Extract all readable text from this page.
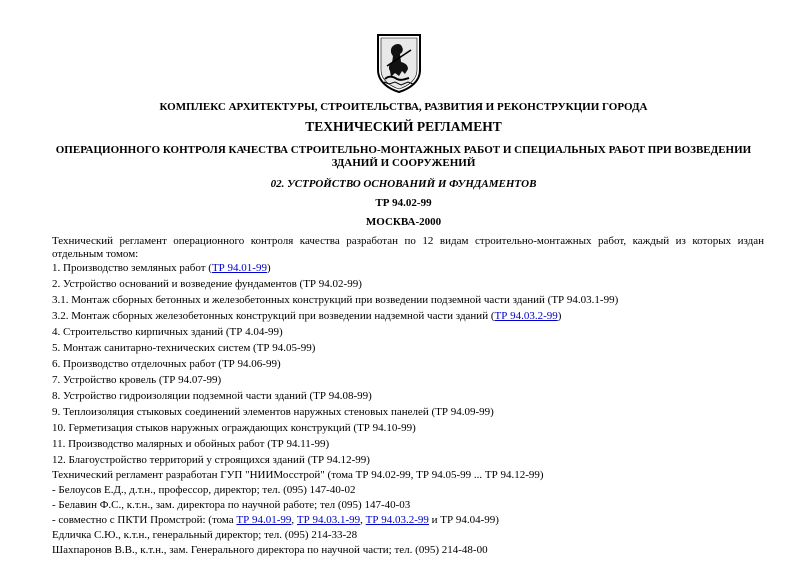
КОМПЛЕКС АРХИТЕКТУРЫ, СТРОИТЕЛЬСТВА, РАЗВИТИЯ И РЕКОНСТРУКЦИИ ГОРОДА
ТЕХНИЧЕСКИЙ РЕГЛАМЕНТ
ОПЕРАЦИОННОГО КОНТРОЛЯ КАЧЕСТВА СТРОИТЕЛЬНО-МОНТАЖНЫХ РАБОТ И СПЕЦИАЛЬНЫХ РАБОТ ПРИ ВОЗВЕДЕНИИ ЗДАНИЙ И СООРУЖЕНИЙ
02. УСТРОЙСТВО ОСНОВАНИЙ И ФУНДАМЕНТОВ
ТР 94.02-99
МОСКВА-2000

Технический регламент операционного контроля качества разработан по 12 видам строительно-монтажных работ, каждый из которых издан отдельным томом:

1. Производство земляных работ (ТР 94.01-99)
2. Устройство оснований и возведение фундаментов (ТР 94.02-99)
3.1. Монтаж сборных бетонных и железобетонных конструкций при возведении подземной части зданий (ТР 94.03.1-99)
3.2. Монтаж сборных железобетонных конструкций при возведении надземной части зданий (ТР 94.03.2-99)
4. Строительство кирпичных зданий (ТР 4.04-99)
5. Монтаж санитарно-технических систем (ТР 94.05-99)
6. Производство отделочных работ (ТР 94.06-99)
7. Устройство кровель (ТР 94.07-99)
8. Устройство гидроизоляции подземной части зданий (ТР 94.08-99)
9. Теплоизоляция стыковых соединений элементов наружных стеновых панелей (ТР 94.09-99)
10. Герметизация стыков наружных ограждающих конструкций (ТР 94.10-99)
11. Производство малярных и обойных работ (ТР 94.11-99)
12. Благоустройство территорий у строящихся зданий (ТР 94.12-99)
Технический регламент разработан ГУП "НИИМосстрой" (тома ТР 94.02-99, ТР 94.05-99 ... ТР 94.12-99)
- Белоусов Е.Д., д.т.н., профессор, директор; тел. (095) 147-40-02
- Белавин Ф.С., к.т.н., зам. директора по научной работе; тел (095) 147-40-03
- совместно с ПКТИ Промстрой: (тома ТР 94.01-99, ТР 94.03.1-99, ТР 94.03.2-99 и ТР 94.04-99)
Едличка С.Ю., к.т.н., генеральный директор; тел. (095) 214-33-28
Шахпаронов В.В., к.т.н., зам. Генерального директора по научной части; тел. (095) 214-48-00
